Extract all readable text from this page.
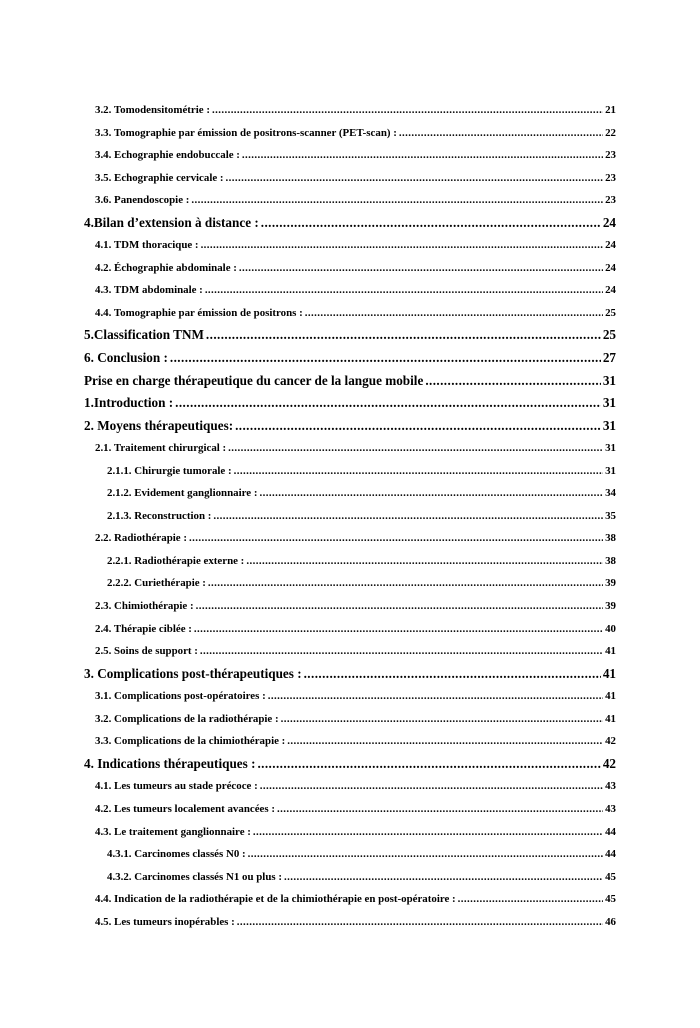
3.2. Tomodensitométrie : .....	21
3.3. Tomographie par émission de positrons-scanner (PET-scan) : .....	22
3.4. Echographie endobuccale : .....	23
3.5. Echographie cervicale : .....	23
3.6. Panendoscopie : .....	23
4.Bilan d’extension à distance : .....	24
4.1. TDM thoracique : .....	24
4.2. Échographie abdominale : .....	24
4.3. TDM abdominale : .....	24
4.4. Tomographie par émission de positrons : .....	25
5.Classification TNM .....	25
6. Conclusion : .....	27
Prise en charge thérapeutique du cancer de la langue mobile .....	31
1.Introduction : .....	31
2. Moyens thérapeutiques: .....	31
2.1. Traitement chirurgical : .....	31
2.1.1. Chirurgie tumorale : .....	31
2.1.2. Evidement ganglionnaire : .....	34
2.1.3. Reconstruction : .....	35
2.2. Radiothérapie : .....	38
2.2.1. Radiothérapie externe : .....	38
2.2.2. Curiethérapie : .....	39
2.3. Chimiothérapie : .....	39
2.4. Thérapie ciblée : .....	40
2.5. Soins de support : .....	41
3. Complications post-thérapeutiques : .....	41
3.1. Complications post-opératoires : .....	41
3.2. Complications de la radiothérapie : .....	41
3.3. Complications de la chimiothérapie : .....	42
4. Indications thérapeutiques : .....	42
4.1. Les tumeurs au stade précoce : .....	43
4.2. Les tumeurs localement avancées : .....	43
4.3. Le traitement ganglionnaire : .....	44
4.3.1. Carcinomes classés N0 : .....	44
4.3.2. Carcinomes classés N1 ou plus : .....	45
4.4. Indication de la radiothérapie et de la chimiothérapie en post-opératoire : .....	45
4.5. Les tumeurs inopérables : .....	46
